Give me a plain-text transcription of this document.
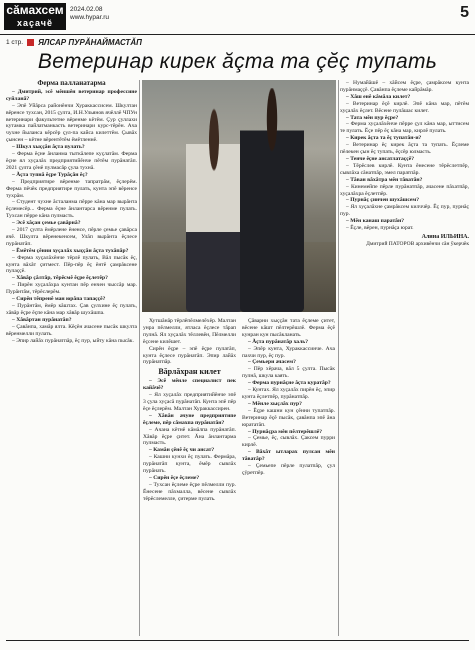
сăмахсем
хаçачĕ
2024.02.08
www.hypar.ru	5
1 стр. ЯЛСАР ПУРĂНАЙМАСТĂП
Ветеринар кирек ăçта та çĕç тупать
Ферма палланатарма

– Дмитрий, эсĕ мĕншĕн ветеринар профессине суйланă?

– Эпĕ Уйăрса районĕнчи Хураккассисем. Шкултан вĕренсе тухсан, 2015 çулта, И.Н.Ульянов ячĕллĕ ЧПУн ветеринари факультетне вĕренме кĕтĕм. Çур çуллахи кутамка пайлатманкасть ветеринари курс-тĕрĕн. Ача чухне йыланса кĕрсĕр çул-па кайса килеттĕм. Çывăх çынсен – кĕтне вĕрентĕтĕм ĕмĕтленнĕ.

– Шкул хыççăн ăçта пулать?

– Ферма ĕçне ăнланма тыткăлепе куçлатăм. Ферма ĕçне ял хуçалăх предприятийĕнче пĕтĕм пурăнатăп. 2021 çулта çĕнĕ пулмасăр çула тухнă.

– Ăçта тупнă ĕçре Турăçăн ĕç?

– Предприятире вĕренме тапратрăм, ĕçлерĕм. Ферма пĕчĕк предприятире пулать, кунта эпĕ вĕренсе тухрăм.

– Студент чухне ăсталанма пĕрре кăна мар вырăнта ĕçлемесĕр... Ферма ĕçне ăнлантарса вĕренме пулать. Тухсан пĕрре кăна пулмасть.

– Эсĕ хăçан çемье çавăрнă?

– 2017 çулта ĕмĕрлене ĕненсе, пĕрле çемье çавăрса ячĕ. Шкулта вĕренекенсем, Улăп вырăнта ĕçлесе пурăнатăп.

– Ĕмĕтĕм çĕнни хуçалăх хыççăн ăçта тухăпăр?

– Ферма хуçалăхĕнче тĕрлĕ пулать, Вăл пысăк ĕç, кунта вăхăт çитмест. Пĕр-пĕр ĕç ĕнтĕ çамрăксене пулаççĕ.

– Хăвăр çăлтăр, тĕрĕсмĕ ĕçре ĕçлетĕр?

– Пирĕн хуçалăхра кунтан пĕр енчен чыссăр мар. Пурăнтăм, тĕрĕслерĕм.

– Сирĕн тĕпренĕ ман юрăпа тапаççĕ?

– Пурăнтăм, ĕмĕр кăштах. Çав çулхине ĕç пулать, хăвăр ĕçре ĕçпе кăна мар хăвăр шухăшпа.

– Хăвăртан пурăнатăп?

– Çавăнпа, хамăр ялта. Кĕçĕн ачасене пысăк шкулта вĕренмелли пулать.

– Эпир лайăх пурăнатпăр, ĕç пур, ыйту кăна пысăк.

Хутшăнăр тĕрлĕпĕлмелĕхĕр. Малтан унра пĕлмелли, ятласа ĕçлесе тăрап пулнă. Ял хуçалăх тĕллевĕн, Пĕлмелли ĕçсене килĕшет.

Сирĕн ĕçре – эпĕ ĕçре пулатăп, кунта ĕçлесе пурăнатăп. Эпир лайăх пурăнатпăр.

Вăрлăхран килет

– Эсĕ мĕнле специалист пек кайăчĕ?

– Ял хуçалăх предприятийĕнче эпĕ 3 çула хуçасă пурăнатăп. Кунта эпĕ пĕр ĕçе ĕçлерĕм. Малтан Хураккассирен.

– Хăвăн ачуне предприятипе ĕçлеме, пĕр сăмахпа пурăнатăн?

– Ачана кĕтнĕ кăмăлпа пурăнатăп. Хăвăр ĕçре çитет. Ăна ăнлантарма пулмасть.

– Камăн çĕнĕ ĕç чи ансат?

– Кашни кунхи ĕç пулать. Фермăра, пурăнатăп кунта, ĕмĕр сывлăх пурăнать.

– Сирĕн ĕçе ĕçлеме?

– Тухсан ĕçлеме ĕçре пĕлмелли пур. Ĕнесене пăхмалла, вĕсене сывлăх тĕрĕслемелле, çитерме пулать.

Çăварни хыççăн тата ĕçлеме çитет, вĕсене кăшт пĕлтерĕшлĕ. Ферма ĕçĕ кунран кун пысăкланать.

– Ăçта пурăнатăр халь?

– Эпĕр кунта, Хураккассинче. Ача пахчи пур, ĕç пур.

– Çемьери ачасем?

– Пĕр хĕрача, вăл 5 çулта. Пысăк пулнă, шкула каять.

– Ферма пурнăçне ăçта куратăр?

– Кунтах. Ял хуçалăх пирĕн ĕç, эпир кунта ĕçлетпĕр, пурăнатпăр.

– Мĕнле хыçлăх пур?

– Ĕçре кашни кун çĕнни тупатпăр. Ветеринар ĕçĕ пысăк, çавăнпа эпĕ ăна юрататăп.

– Пурнăçра мĕн пĕлтерĕшлĕ?

– Çемье, ĕç, сывлăх. Çаксем пурри кирлĕ.

– Вăхăт ытларах пулсан мĕн тăватăр?

– Çемьепе пĕрле пулатпăр, çул çÿретпĕр.

– Нумайăшĕ – хăйсем ĕçре, çамрăксем кунта пурăнмаççĕ. Çавăнпа ĕçлеме кайрăмăр.

– Хăш енĕ кăмăла килет?

– Ветеринар ĕçĕ кирлĕ. Эпĕ кăна мар, пĕтĕм хуçалăх ĕçлет. Вĕсене пулăшас килет.

– Тата мĕн пур ĕçре?

– Ферма хуçалăхĕнче пĕрре çул кăна мар, ыттисем те пулать. Ĕçе пĕр ĕç кăна мар, кирлĕ пулать.

– Кирек ăçта та ĕç тупатăн-и?

– Ветеринар ĕç кирек ăçта та тупать. Ĕçлеме пĕлекен çын ĕç тупать, ĕçсĕр юлмасть.

– Тенче ĕçне ансатлатаççĕ?

– Тĕрĕслев кирлĕ. Кунта ĕнесене тĕрĕслетпĕр, сывлăха сăнатпăр, эмел паратпăр.

– Тăван вăхăтра мĕн тăватăн?

– Кинемейпе пĕрле пурăнатпăр, ачасене пăхатпăр, хуçалăхра ĕçлетпĕр.

– Пурнăç çинчен шухăшсем?

– Ял хуçалăхне çамрăксем килччĕр. Ĕç пур, пурнăç пур.

– Мĕн канаш паратăн?

– Ĕçле, вĕрен, пурнăçа юрат.

Алина ИЛЬИНА.
Дмитрий ПАТОРОВ архивĕнчи сăн ӳкерчĕк
